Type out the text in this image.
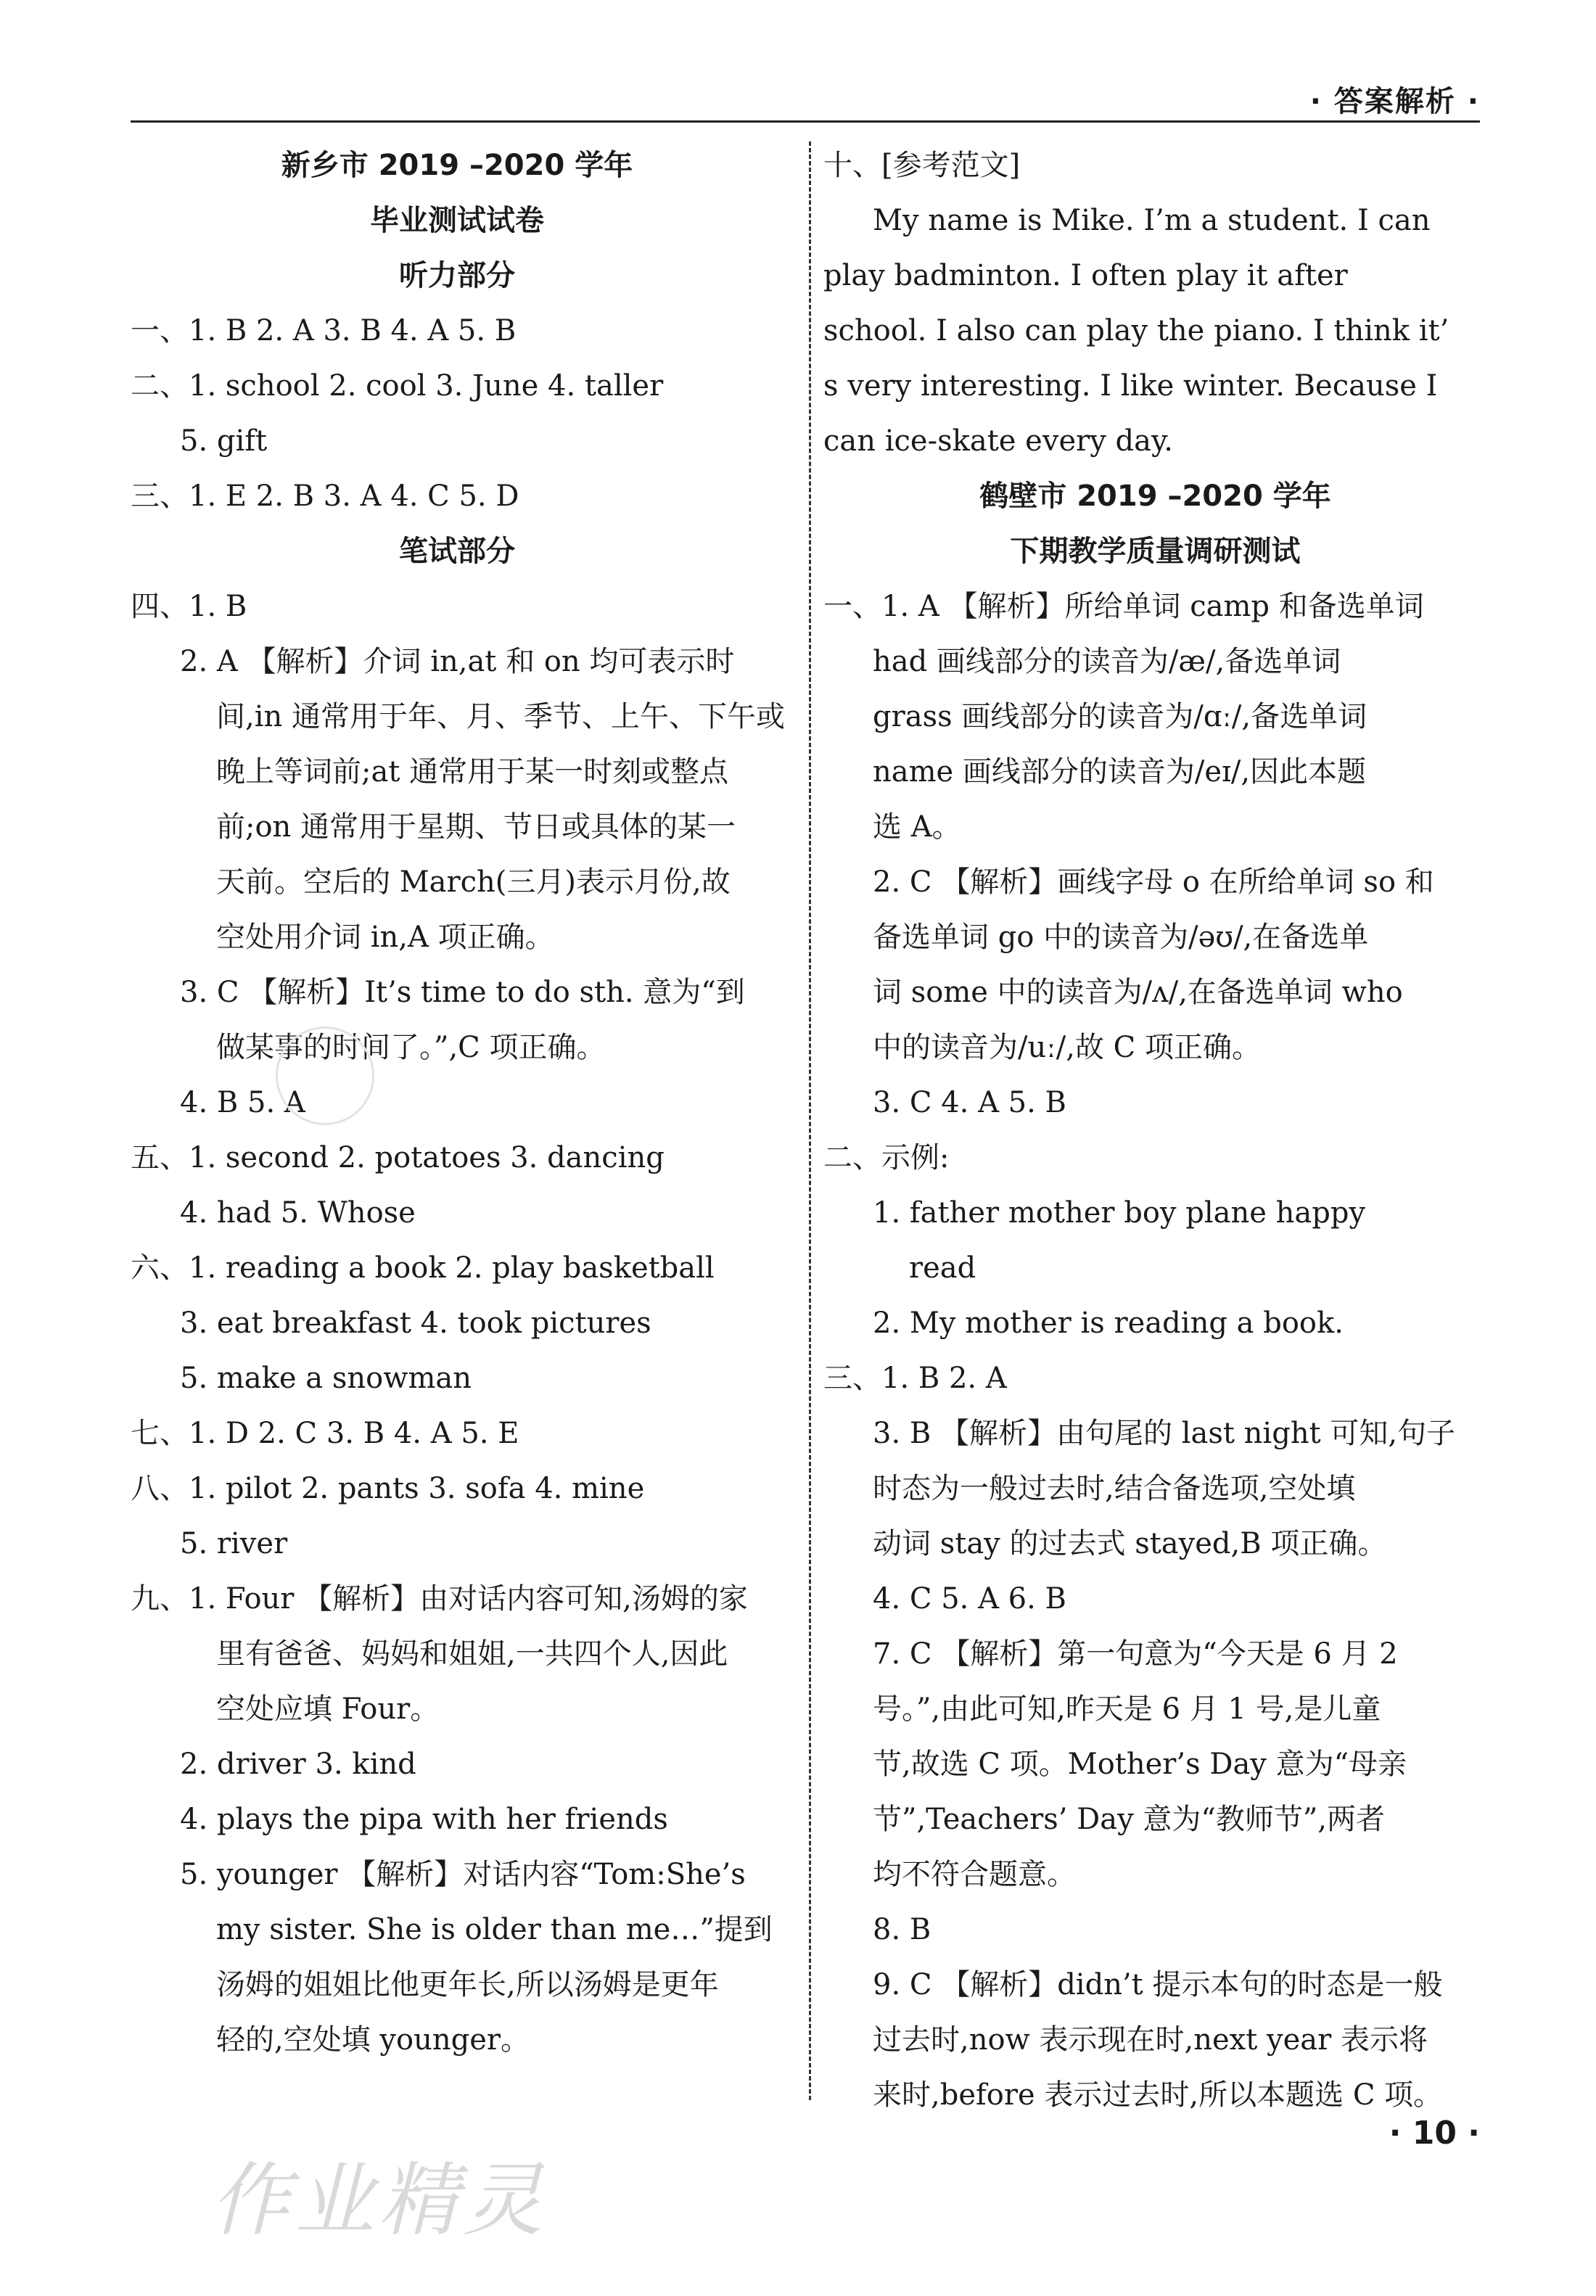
· 答案解析 ·
新乡市 2019 –2020 学年
毕业测试试卷
听力部分
一、1. B 2. A 3. B 4. A 5. B
二、1. school 2. cool 3. June 4. taller
5. gift
三、1. E 2. B 3. A 4. C 5. D
笔试部分
四、1. B
2. A 【解析】介词 in,at 和 on 均可表示时
间,in 通常用于年、月、季节、上午、下午或
晚上等词前;at 通常用于某一时刻或整点
前;on 通常用于星期、节日或具体的某一
天前。空后的 March(三月)表示月份,故
空处用介词 in,A 项正确。
3. C 【解析】It’s time to do sth. 意为“到
做某事的时间了。”,C 项正确。
4. B 5. A
五、1. second 2. potatoes 3. dancing
4. had 5. Whose
六、1. reading a book 2. play basketball
3. eat breakfast 4. took pictures
5. make a snowman
七、1. D 2. C 3. B 4. A 5. E
八、1. pilot 2. pants 3. sofa 4. mine
5. river
九、1. Four 【解析】由对话内容可知,汤姆的家
里有爸爸、妈妈和姐姐,一共四个人,因此
空处应填 Four。
2. driver 3. kind
4. plays the pipa with her friends
5. younger 【解析】对话内容“Tom:She’s
my sister. She is older than me…”提到
汤姆的姐姐比他更年长,所以汤姆是更年
轻的,空处填 younger。
十、[参考范文]
My name is Mike. I’m a student. I can
play badminton. I often play it after
school. I also can play the piano. I think it’
s very interesting. I like winter. Because I
can ice-skate every day.
鹤壁市 2019 –2020 学年
下期教学质量调研测试
一、1. A 【解析】所给单词 camp 和备选单词
had 画线部分的读音为/æ/,备选单词
grass 画线部分的读音为/ɑː/,备选单词
name 画线部分的读音为/eɪ/,因此本题
选 A。
2. C 【解析】画线字母 o 在所给单词 so 和
备选单词 go 中的读音为/əʊ/,在备选单
词 some 中的读音为/ʌ/,在备选单词 who
中的读音为/uː/,故 C 项正确。
3. C 4. A 5. B
二、示例:
1. father mother boy plane happy
read
2. My mother is reading a book.
三、1. B 2. A
3. B 【解析】由句尾的 last night 可知,句子
时态为一般过去时,结合备选项,空处填
动词 stay 的过去式 stayed,B 项正确。
4. C 5. A 6. B
7. C 【解析】第一句意为“今天是 6 月 2
号。”,由此可知,昨天是 6 月 1 号,是儿童
节,故选 C 项。Mother’s Day 意为“母亲
节”,Teachers’ Day 意为“教师节”,两者
均不符合题意。
8. B
9. C 【解析】didn’t 提示本句的时态是一般
过去时,now 表示现在时,next year 表示将
来时,before 表示过去时,所以本题选 C 项。
作业精灵
· 10 ·
